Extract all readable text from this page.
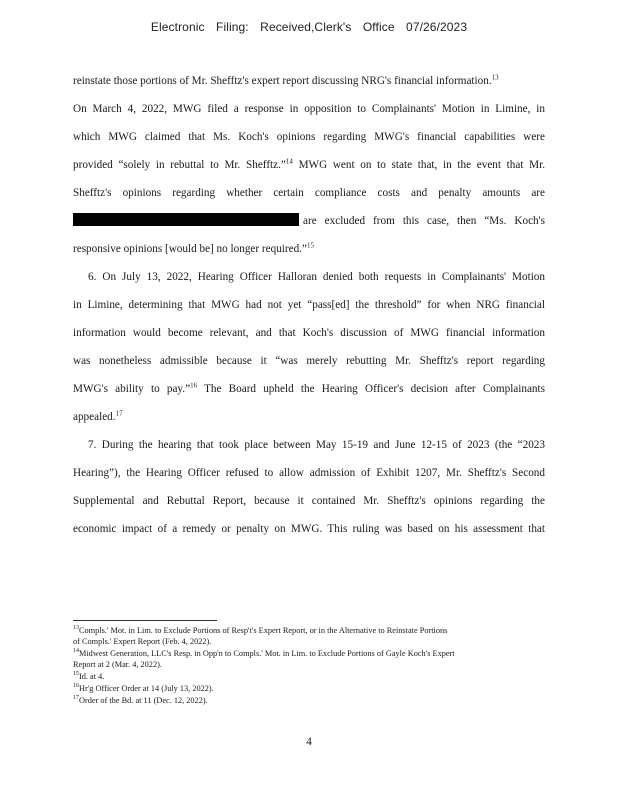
Electronic Filing: Received,Clerk's Office 07/26/2023
reinstate those portions of Mr. Shefftz's expert report discussing NRG's financial information.$^{13}$
On March 4, 2022, MWG filed a response in opposition to Complainants' Motion in Limine, in
which MWG claimed that Ms. Koch's opinions regarding MWG's financial capabilities were
provided “solely in rebuttal to Mr. Shefftz.”$^{14}$ MWG went on to state that, in the event that Mr.
Shefftz's opinions regarding whether certain compliance costs and penalty amounts are
are excluded from this case, then “Ms. Koch's
responsive opinions [would be] no longer required.”$^{15}$
6. On July 13, 2022, Hearing Officer Halloran denied both requests in Complainants' Motion
in Limine, determining that MWG had not yet “pass[ed] the threshold” for when NRG financial
information would become relevant, and that Koch's discussion of MWG financial information
was nonetheless admissible because it “was merely rebutting Mr. Shefftz's report regarding
MWG's ability to pay.”$^{16}$ The Board upheld the Hearing Officer's decision after Complainants
appealed.$^{17}$
7. During the hearing that took place between May 15-19 and June 12-15 of 2023 (the “2023
Hearing”), the Hearing Officer refused to allow admission of Exhibit 1207, Mr. Shefftz's Second
Supplemental and Rebuttal Report, because it contained Mr. Shefftz's opinions regarding the
economic impact of a remedy or penalty on MWG. This ruling was based on his assessment that
$^{13}$Compls.' Mot. in Lim. to Exclude Portions of Resp't's Expert Report, or in the Alternative to Reinstate Portions
of Compls.' Expert Report (Feb. 4, 2022).
$^{14}$Midwest Generation, LLC's Resp. in Opp'n to Compls.' Mot. in Lim. to Exclude Portions of Gayle Koch's Expert
Report at 2 (Mar. 4, 2022).
$^{15}$Id. at 4.
$^{16}$Hr'g Officer Order at 14 (July 13, 2022).
$^{17}$Order of the Bd. at 11 (Dec. 12, 2022).
4
